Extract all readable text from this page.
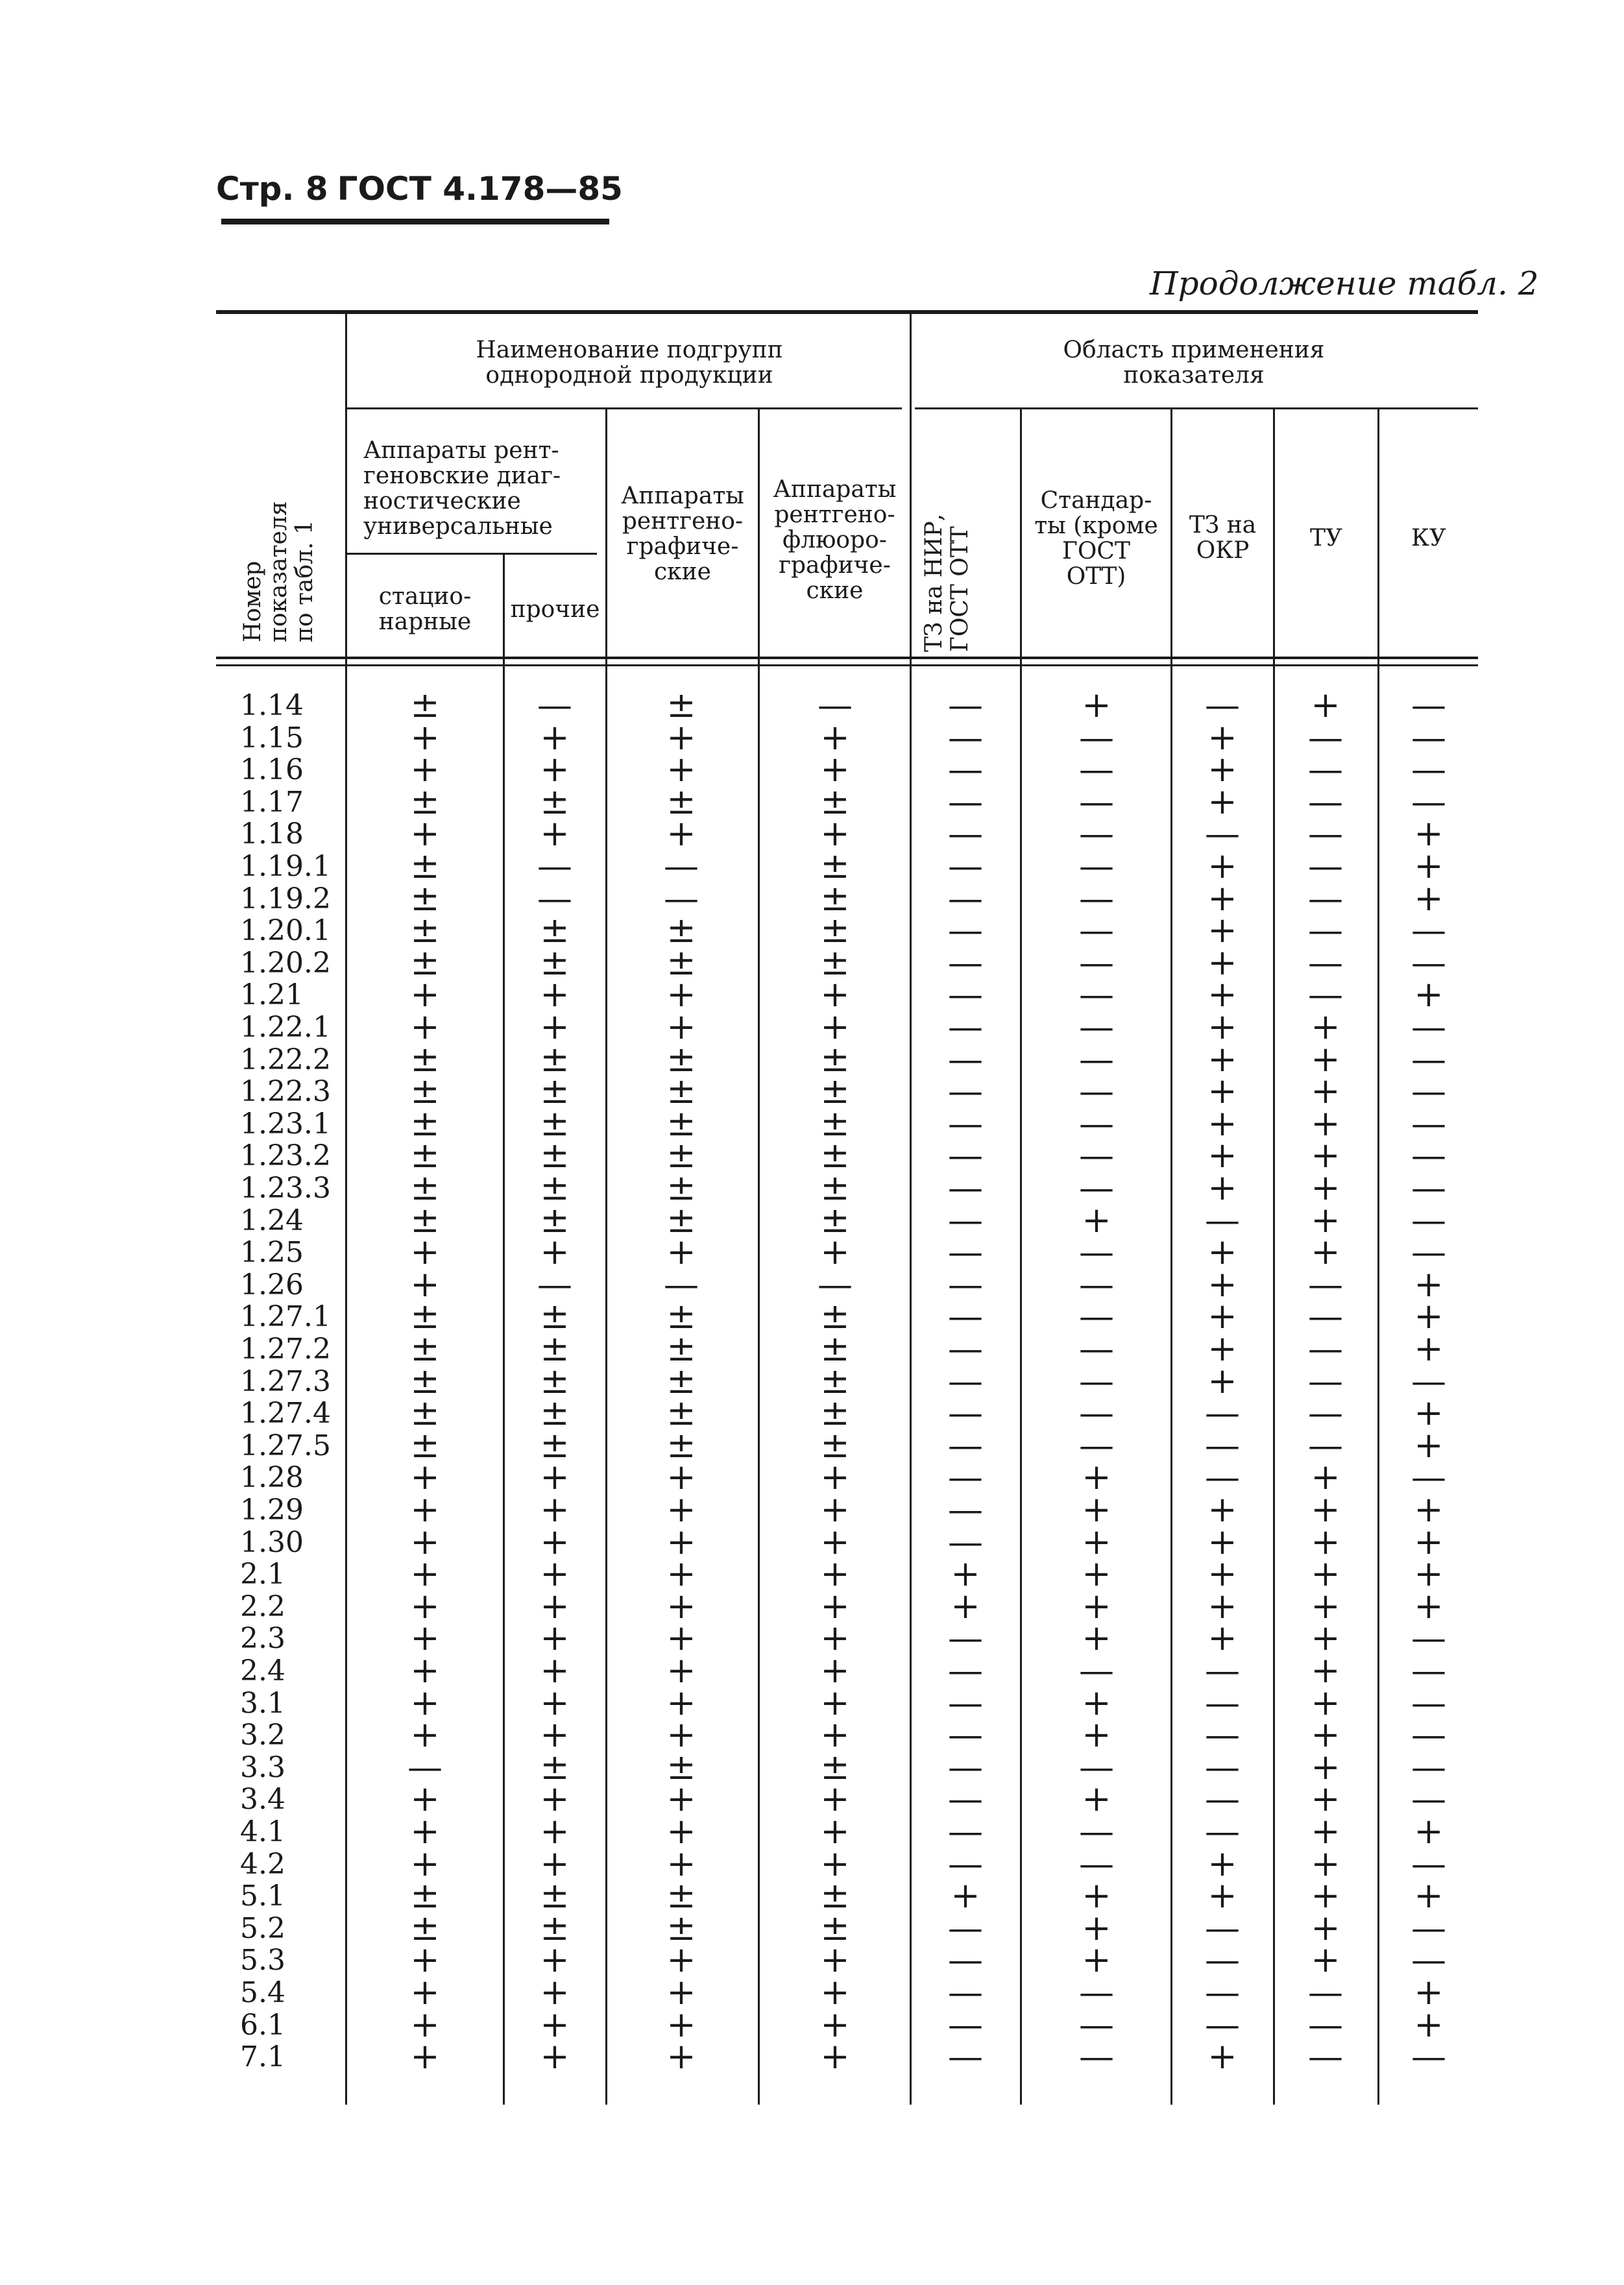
Стр. 8 ГОСТ 4.178—85
Продолжение табл. 2
Номер
показателя
по табл. 1
Наименование подгрупп
однородной продукции
Область применения
показателя
Аппараты рент-
геновские диаг-
ностические
универсальные
стацио-
нарные	прочие
Аппараты
рентгено-
графиче-
ские
Аппараты
рентгено-
флюоро-
графиче-
ские
ТЗ на НИР,
ГОСТ ОТТ
Стандар-
ты (кроме
ГОСТ
ОТТ)
ТЗ на
ОКР	ТУ	КУ
1.14	±	—	±	—	—	+	—	+	—
1.15	+	+	+	+	—	—	+	—	—
1.16	+	+	+	+	—	—	+	—	—
1.17	±	±	±	±	—	—	+	—	—
1.18	+	+	+	+	—	—	—	—	+
1.19.1	±	—	—	±	—	—	+	—	+
1.19.2	±	—	—	±	—	—	+	—	+
1.20.1	±	±	±	±	—	—	+	—	—
1.20.2	±	±	±	±	—	—	+	—	—
1.21	+	+	+	+	—	—	+	—	+
1.22.1	+	+	+	+	—	—	+	+	—
1.22.2	±	±	±	±	—	—	+	+	—
1.22.3	±	±	±	±	—	—	+	+	—
1.23.1	±	±	±	±	—	—	+	+	—
1.23.2	±	±	±	±	—	—	+	+	—
1.23.3	±	±	±	±	—	—	+	+	—
1.24	±	±	±	±	—	+	—	+	—
1.25	+	+	+	+	—	—	+	+	—
1.26	+	—	—	—	—	—	+	—	+
1.27.1	±	±	±	±	—	—	+	—	+
1.27.2	±	±	±	±	—	—	+	—	+
1.27.3	±	±	±	±	—	—	+	—	—
1.27.4	±	±	±	±	—	—	—	—	+
1.27.5	±	±	±	±	—	—	—	—	+
1.28	+	+	+	+	—	+	—	+	—
1.29	+	+	+	+	—	+	+	+	+
1.30	+	+	+	+	—	+	+	+	+
2.1	+	+	+	+	+	+	+	+	+
2.2	+	+	+	+	+	+	+	+	+
2.3	+	+	+	+	—	+	+	+	—
2.4	+	+	+	+	—	—	—	+	—
3.1	+	+	+	+	—	+	—	+	—
3.2	+	+	+	+	—	+	—	+	—
3.3	—	±	±	±	—	—	—	+	—
3.4	+	+	+	+	—	+	—	+	—
4.1	+	+	+	+	—	—	—	+	+
4.2	+	+	+	+	—	—	+	+	—
5.1	±	±	±	±	+	+	+	+	+
5.2	±	±	±	±	—	+	—	+	—
5.3	+	+	+	+	—	+	—	+	—
5.4	+	+	+	+	—	—	—	—	+
6.1	+	+	+	+	—	—	—	—	+
7.1	+	+	+	+	—	—	+	—	—
